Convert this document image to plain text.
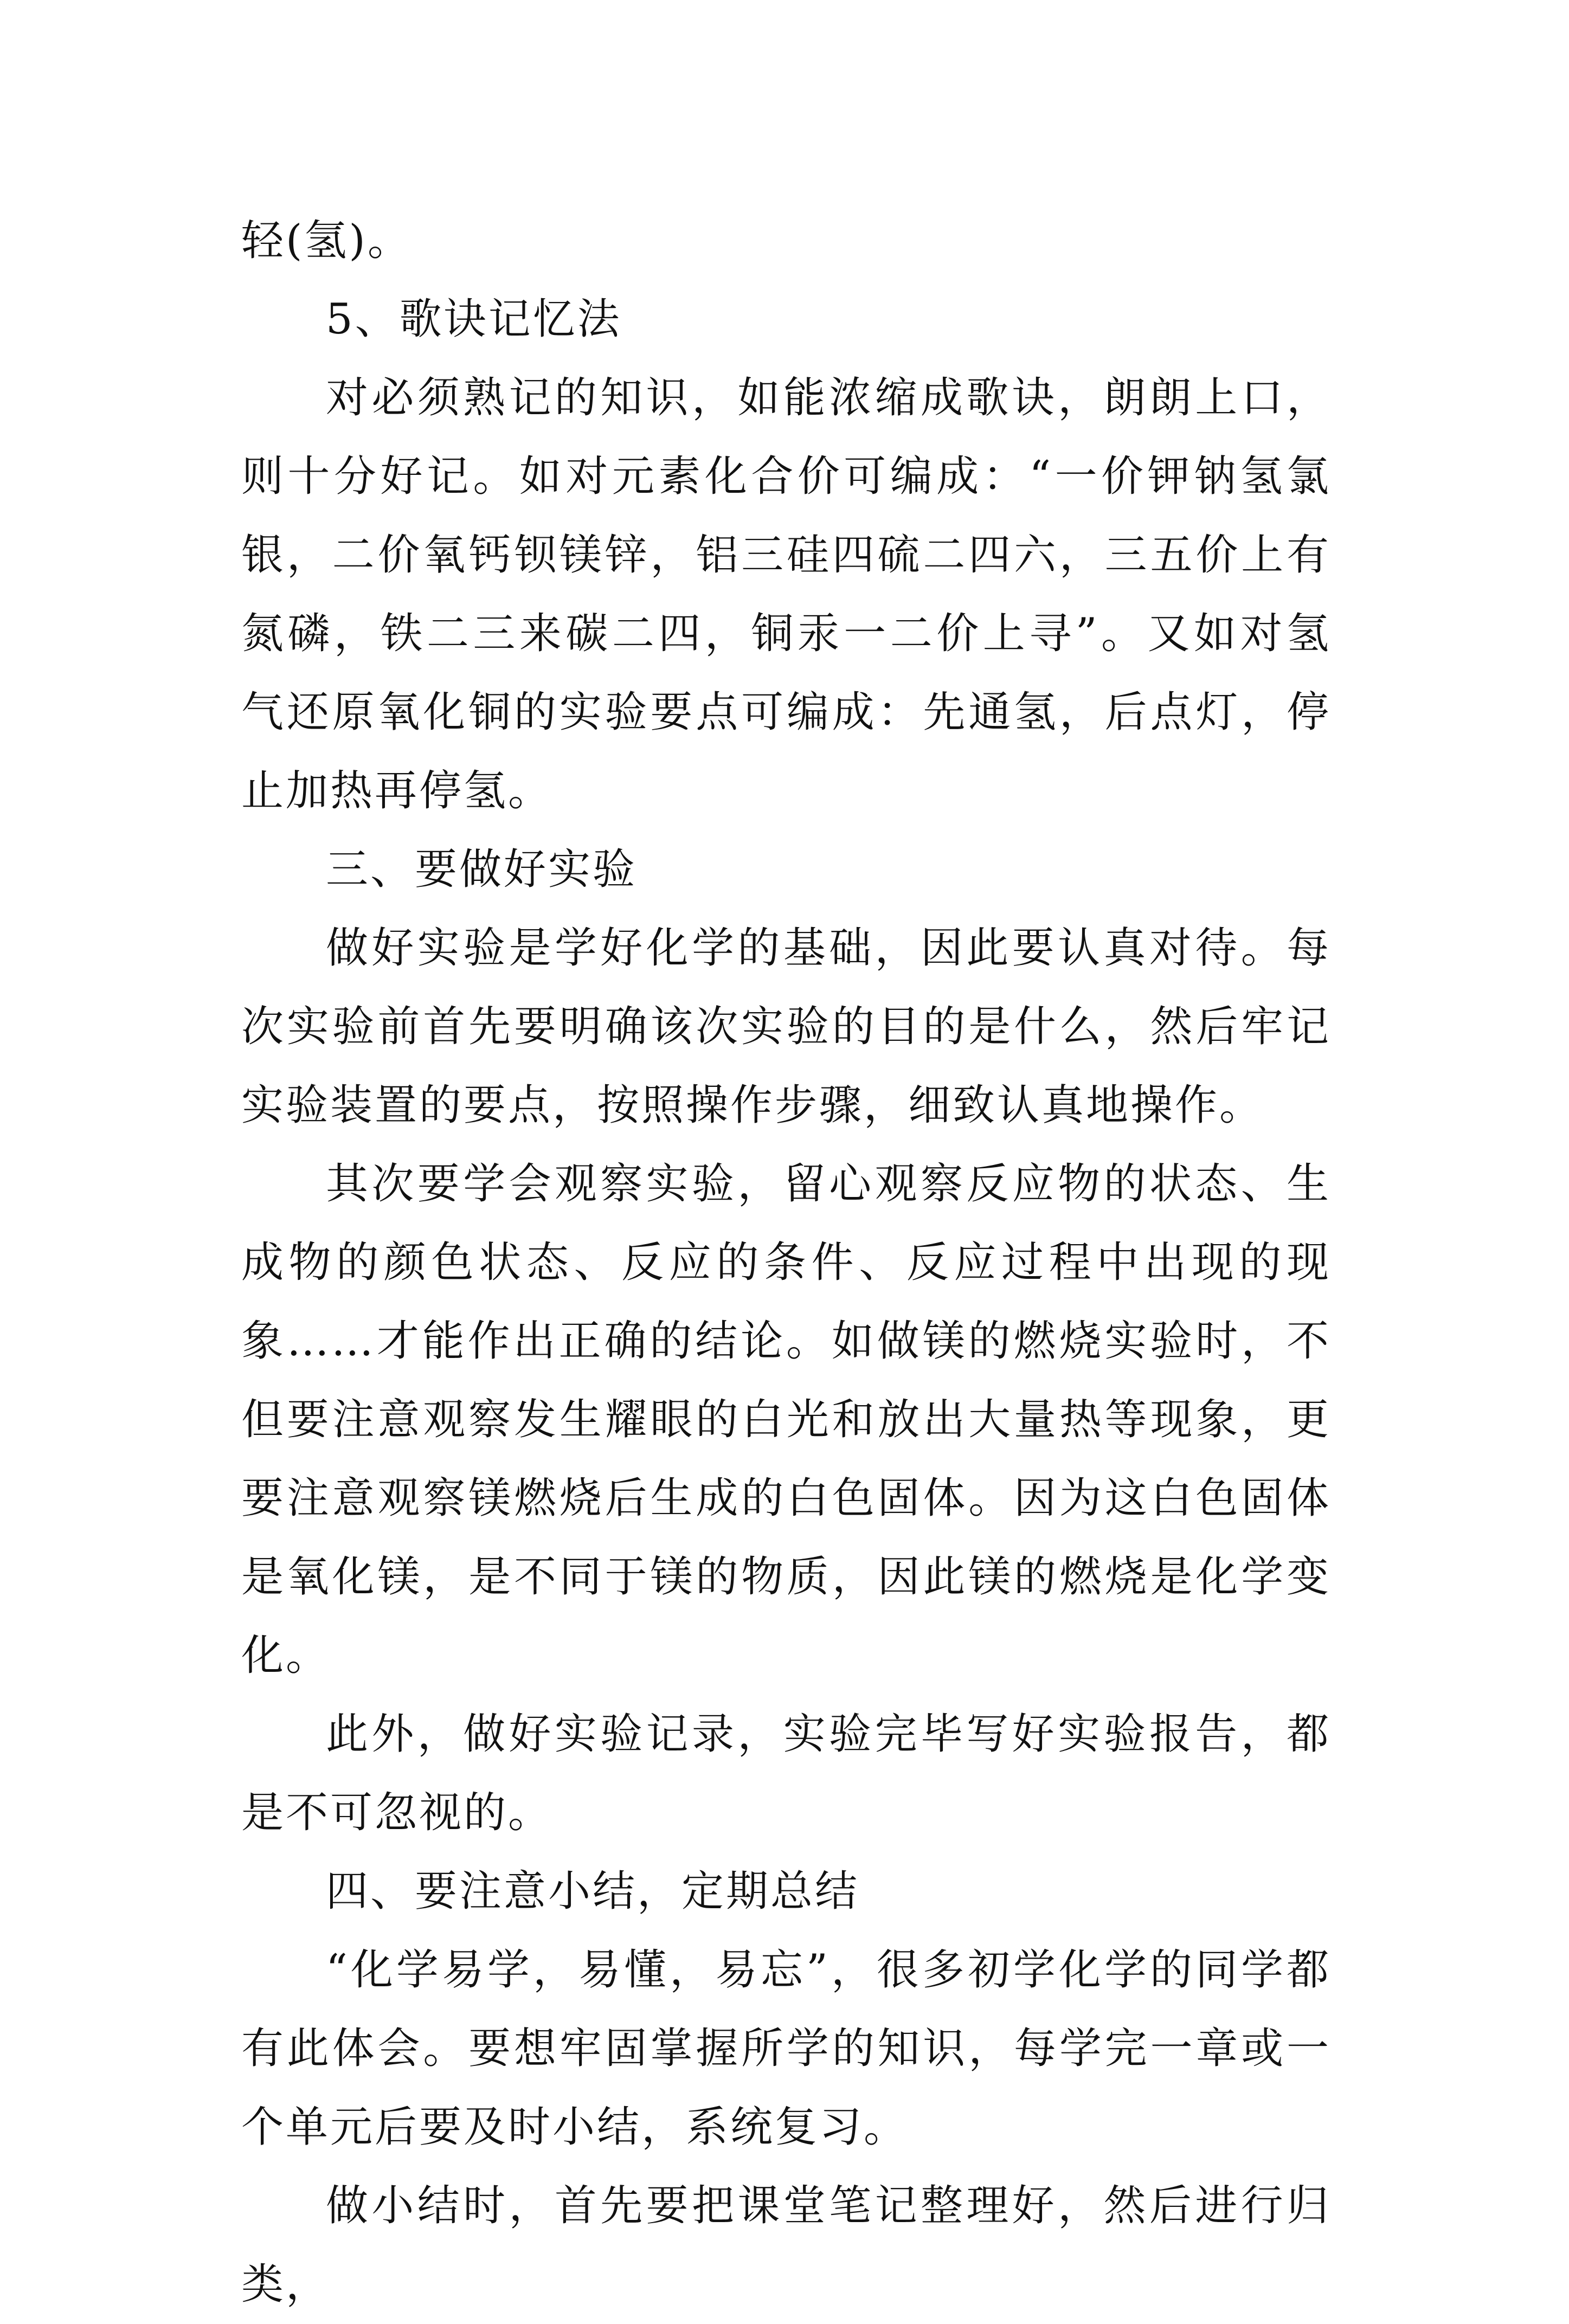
轻(氢)。

5、歌诀记忆法

对必须熟记的知识，如能浓缩成歌诀，朗朗上口，则十分好记。如对元素化合价可编成：“一价钾钠氢氯银，二价氧钙钡镁锌，铝三硅四硫二四六，三五价上有氮磷，铁二三来碳二四，铜汞一二价上寻”。又如对氢气还原氧化铜的实验要点可编成：先通氢，后点灯，停止加热再停氢。

三、要做好实验

做好实验是学好化学的基础，因此要认真对待。每次实验前首先要明确该次实验的目的是什么，然后牢记实验装置的要点，按照操作步骤，细致认真地操作。

其次要学会观察实验，留心观察反应物的状态、生成物的颜色状态、反应的条件、反应过程中出现的现象……才能作出正确的结论。如做镁的燃烧实验时，不但要注意观察发生耀眼的白光和放出大量热等现象，更要注意观察镁燃烧后生成的白色固体。因为这白色固体是氧化镁，是不同于镁的物质，因此镁的燃烧是化学变化。

此外，做好实验记录，实验完毕写好实验报告，都是不可忽视的。

四、要注意小结，定期总结

“化学易学，易懂，易忘”，很多初学化学的同学都有此体会。要想牢固掌握所学的知识，每学完一章或一个单元后要及时小结，系统复习。

做小结时，首先要把课堂笔记整理好，然后进行归类，
